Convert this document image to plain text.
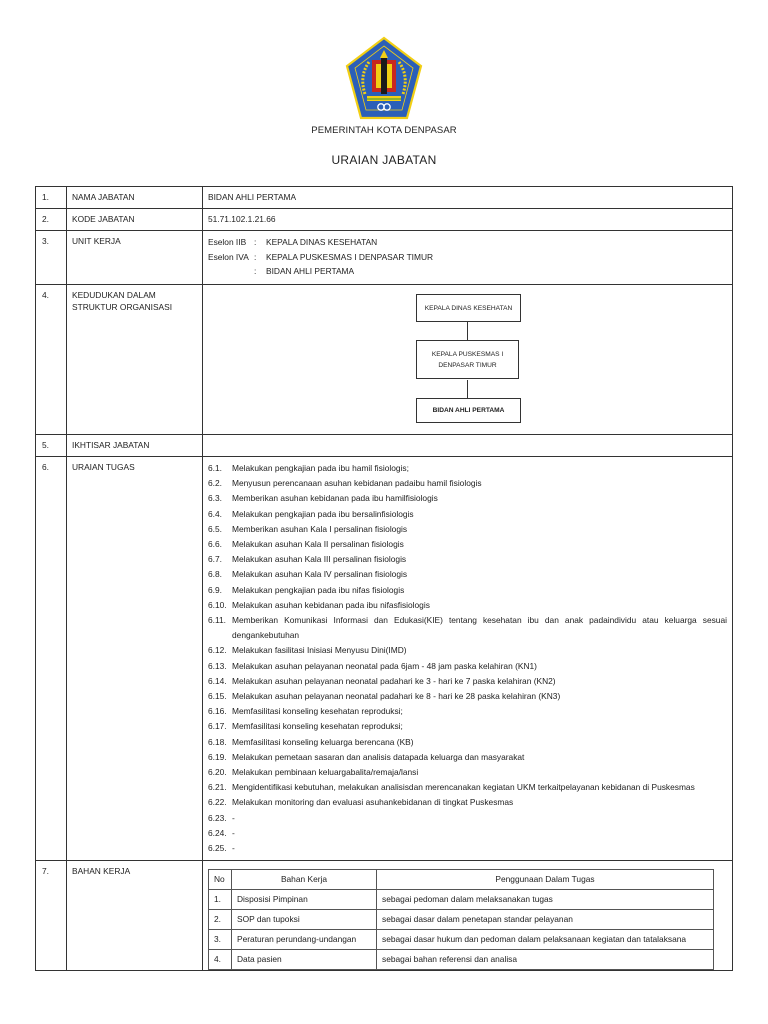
PEMERINTAH KOTA DENPASAR
URAIAN JABATAN
1.	NAMA JABATAN	BIDAN AHLI PERTAMA
2.	KODE JABATAN	51.71.102.1.21.66
3.	UNIT KERJA	Eselon IIB :	KEPALA DINAS KESEHATAN
Eselon IVA :	KEPALA PUSKESMAS I DENPASAR TIMUR
:	BIDAN AHLI PERTAMA

4.	KEDUDUKAN DALAM STRUKTUR ORGANISASI	KEPALA DINAS KESEHATAN
KEPALA PUSKESMAS I DENPASAR TIMUR
BIDAN AHLI PERTAMA

5.	IKHTISAR JABATAN	
6.	URAIAN TUGAS	6.1.	Melakukan pengkajian pada ibu hamil fisiologis;
6.2.	Menyusun perencanaan asuhan kebidanan padaibu hamil fisiologis
6.3.	Memberikan asuhan kebidanan pada ibu hamilfisiologis
6.4.	Melakukan pengkajian pada ibu bersalinfisiologis
6.5.	Memberikan asuhan Kala I persalinan fisiologis
6.6.	Melakukan asuhan Kala II persalinan fisiologis
6.7.	Melakukan asuhan Kala III persalinan fisiologis
6.8.	Melakukan asuhan Kala IV persalinan fisiologis
6.9.	Melakukan pengkajian pada ibu nifas fisiologis
6.10. Melakukan asuhan kebidanan pada ibu nifasfisiologis
6.11. Memberikan Komunikasi Informasi dan Edukasi(KIE) tentang kesehatan ibu dan anak padaindividu atau keluarga sesuai dengankebutuhan
6.12. Melakukan fasilitasi Inisiasi Menyusu Dini(IMD)
6.13. Melakukan asuhan pelayanan neonatal pada 6jam - 48 jam paska kelahiran (KN1)
6.14. Melakukan asuhan pelayanan neonatal padahari ke 3 - hari ke 7 paska kelahiran (KN2)
6.15. Melakukan asuhan pelayanan neonatal padahari ke 8 - hari ke 28 paska kelahiran (KN3)
6.16. Memfasilitasi konseling kesehatan reproduksi;
6.17. Memfasilitasi konseling kesehatan reproduksi;
6.18. Memfasilitasi konseling keluarga berencana (KB)
6.19. Melakukan pemetaan sasaran dan analisis datapada keluarga dan masyarakat
6.20. Melakukan pembinaan keluargabalita/remaja/lansi
6.21. Mengidentifikasi kebutuhan, melakukan analisisdan merencanakan kegiatan UKM terkaitpelayanan kebidanan di Puskesmas
6.22. Melakukan monitoring dan evaluasi asuhankebidanan di tingkat Puskesmas
6.23. -
6.24. -
6.25. -

7.	BAHAN KERJA	
No	Bahan Kerja	Penggunaan Dalam Tugas
1.	Disposisi Pimpinan	sebagai pedoman dalam melaksanakan tugas
2.	SOP dan tupoksi	sebagai dasar dalam penetapan standar pelayanan
3.	Peraturan perundang-undangan	sebagai dasar hukum dan pedoman dalam pelaksanaan kegiatan dan tatalaksana
4.	Data pasien	sebagai bahan referensi dan analisa
